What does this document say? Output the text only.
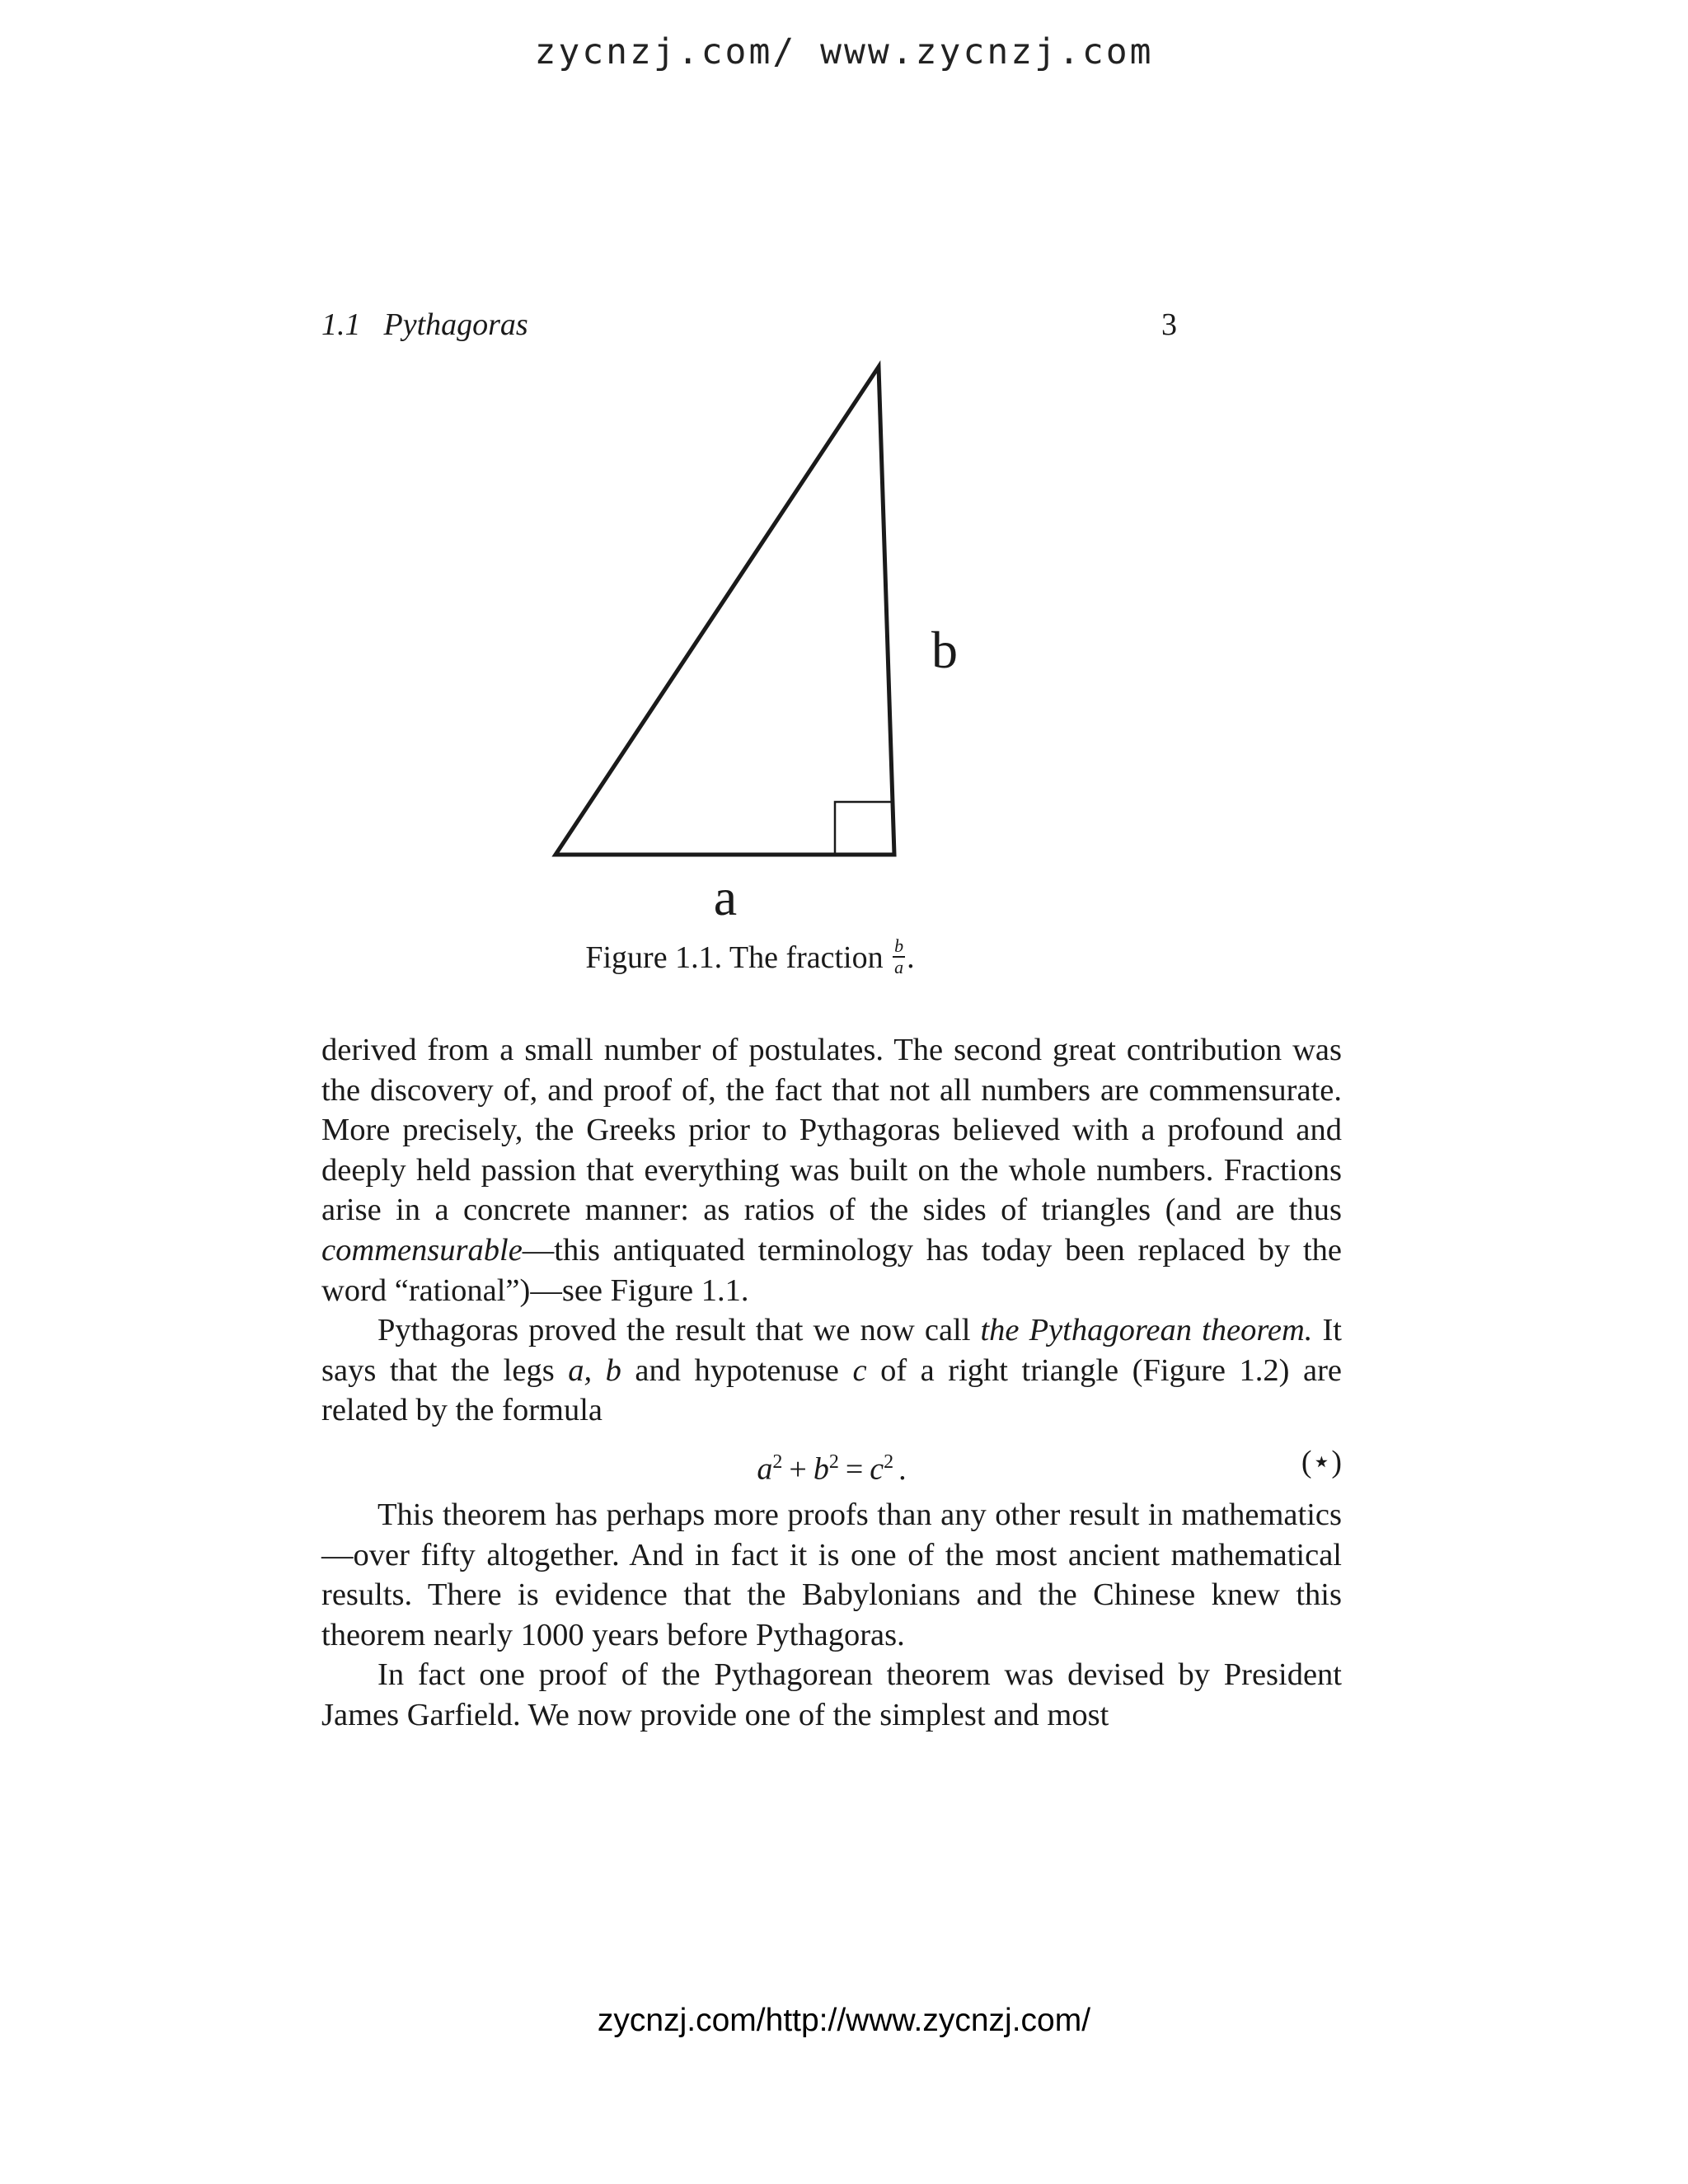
zycnzj.com/ www.zycnzj.com
1.1 Pythagoras	3
b
a
Figure 1.1. The fraction $\frac{b}{a}$ .

derived from a small number of postulates. The second great contribution was the discovery of, and proof of, the fact that not all numbers are commensurate. More precisely, the Greeks prior to Pythagoras believed with a profound and deeply held passion that everything was built on the whole numbers. Fractions arise in a concrete manner: as ratios of the sides of triangles (and are thus commensurable—this antiquated terminology has today been replaced by the word “rational”)—see Figure 1.1.

Pythagoras proved the result that we now call the Pythagorean theorem. It says that the legs a, b and hypotenuse c of a right triangle (Figure 1.2) are related by the formula

$a^2 + b^2 = c^2$ .	(⋆)

This theorem has perhaps more proofs than any other result in mathematics—over fifty altogether. And in fact it is one of the most ancient mathematical results. There is evidence that the Babylonians and the Chinese knew this theorem nearly 1000 years before Pythagoras.

In fact one proof of the Pythagorean theorem was devised by President James Garfield. We now provide one of the simplest and most

zycnzj.com/http://www.zycnzj.com/
